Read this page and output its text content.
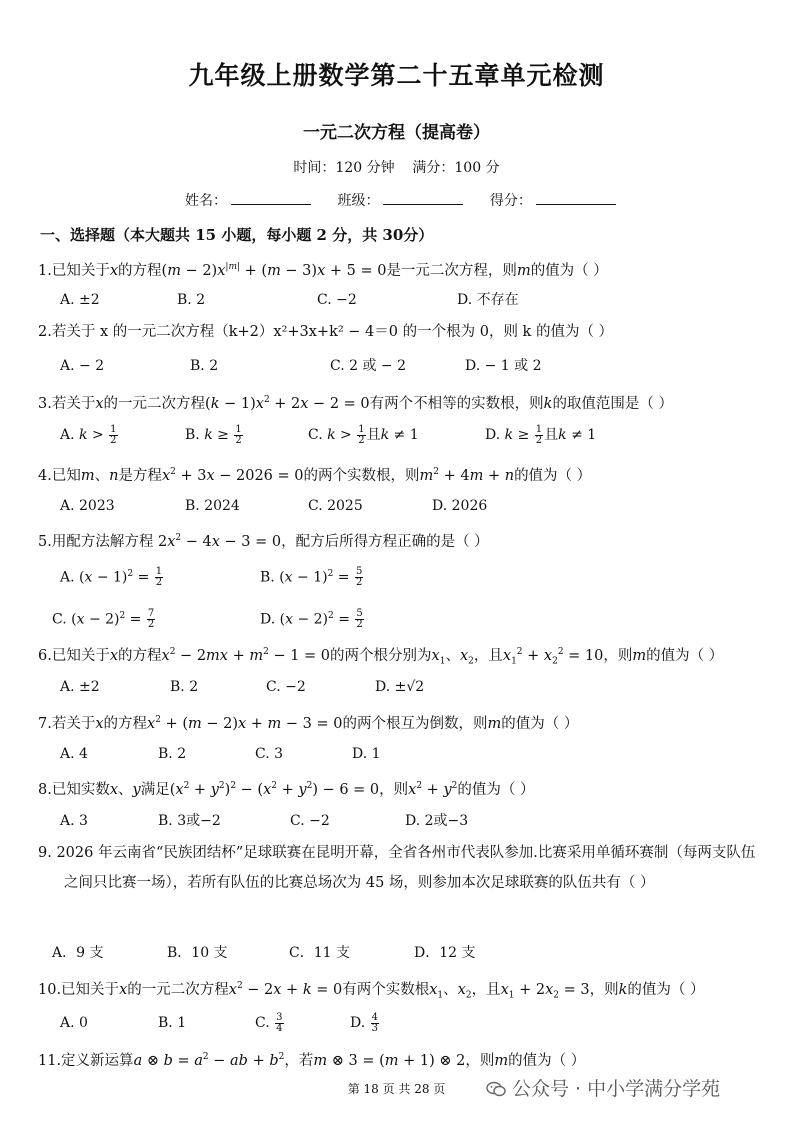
九年级上册数学第二十五章单元检测
一元二次方程（提高卷）
时间：120 分钟    满分：100 分
姓名：	班级：	得分：
一、选择题（本大题共 15 小题，每小题 2 分，共 30分）
1.已知关于x的方程$(m - 2)x^{|m|} + (m - 3)x + 5 = 0$是一元二次方程，则m的值为（ ）
A. ±2	B. 2	C. −2	D. 不存在
2.若关于 x 的一元二次方程（k+2）x²+3x+k² − 4＝0 的一个根为 0，则 k 的值为（ ）
A. − 2	B. 2	C. 2 或 − 2	D. − 1 或 2
3.若关于x的一元二次方程$(k - 1)x^2 + 2x - 2 = 0$有两个不相等的实数根，则k的取值范围是（ ）
A. $k > \frac{1}{2}$	B. $k \ge \frac{1}{2}$	C. $k > \frac{1}{2}$ 且k ≠ 1	D. $k \ge \frac{1}{2}$ 且k ≠ 1
4.已知m、n是方程$x^2 + 3x - 2026 = 0$的两个实数根，则$m^2 + 4m + n$的值为（ ）
A. 2023	B. 2024	C. 2025	D. 2026
5.用配方法解方程 $2x^2 - 4x - 3 = 0$，配方后所得方程正确的是（ ）
A. $(x - 1)^2 = \frac{1}{2}$	B. $(x - 1)^2 = \frac{5}{2}$
C. $(x - 2)^2 = \frac{7}{2}$	D. $(x - 2)^2 = \frac{5}{2}$
6.已知关于x的方程$x^2 - 2mx + m^2 - 1 = 0$的两个根分别为$x_1$、$x_2$，且$x_1^2 + x_2^2 = 10$，则m的值为（ ）
A. ±2	B. 2	C. −2	D. ±√2
7.若关于x的方程$x^2 + (m - 2)x + m - 3 = 0$的两个根互为倒数，则m的值为（ ）
A. 4	B. 2	C. 3	D. 1
8.已知实数x、y满足$(x^2 + y^2)^2 - (x^2 + y^2) - 6 = 0$，则$x^2 + y^2$的值为（ ）
A. 3	B. 3或−2	C. −2	D. 2或−3
9. 2026 年云南省“民族团结杯”足球联赛在昆明开幕，全省各州市代表队参加.比赛采用单循环赛制（每两支队伍之间只比赛一场），若所有队伍的比赛总场次为 45 场，则参加本次足球联赛的队伍共有（ ）
A．9 支	B．10 支	C．11 支	D．12 支
10.已知关于x的一元二次方程$x^2 - 2x + k = 0$有两个实数根$x_1$、$x_2$，且$x_1 + 2x_2 = 3$，则k的值为（ ）
A. 0	B. 1	C. $\frac{3}{4}$	D. $\frac{4}{3}$
11.定义新运算a ⊗ $b = a^2$ − ab + $b^2$，若m ⊗ 3 = (m + 1) ⊗ 2，则m的值为（ ）
第 18 页 共 28 页	公众号 · 中小学满分学苑
